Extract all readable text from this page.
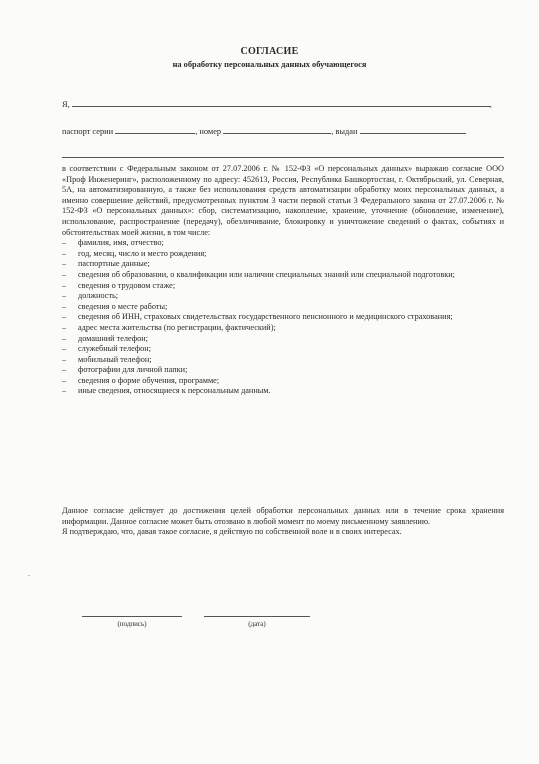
СОГЛАСИЕ
на обработку персональных данных обучающегося
Я,	,
паспорт серии	, номер	, выдан

в соответствии с Федеральным законом от 27.07.2006 г. № 152-ФЗ «О персональных данных» выражаю согласие ООО «Проф Инженеринг», расположенному по адресу: 452613, Россия, Республика Башкортостан, г. Октябрьский, ул. Северная, 5А, на автоматизированную, а также без использования средств автоматизации обработку моих персональных данных, а именно совершение действий, предусмотренных пунктом 3 части первой статьи 3 Федерального закона от 27.07.2006 г. № 152-ФЗ «О персональных данных»: сбор, систематизацию, накопление, хранение, уточнение (обновление, изменение), использование, распространение (передачу), обезличивание, блокировку и уничтожение сведений о фактах, событиях и обстоятельствах моей жизни, в том числе:

– фамилия, имя, отчество;
– год, месяц, число и место рождения;
– паспортные данные;
– сведения об образовании, о квалификации или наличии специальных знаний или специальной подготовки;
– сведения о трудовом стаже;
– должность;
– сведения о месте работы;
– сведения об ИНН, страховых свидетельствах государственного пенсионного и медицинского страхования;
– адрес места жительства (по регистрации, фактический);
– домашний телефон;
– служебный телефон;
– мобильный телефон;
– фотографии для личной папки;
– сведения о форме обучения, программе;
– иные сведения, относящиеся к персональным данным.

Данное согласие действует до достижения целей обработки персональных данных или в течение срока хранения информации. Данное согласие может быть отозвано в любой момент по моему письменному заявлению.

Я подтверждаю, что, давая такое согласие, я действую по собственной воле и в своих интересах.

(подпись)	(дата)
